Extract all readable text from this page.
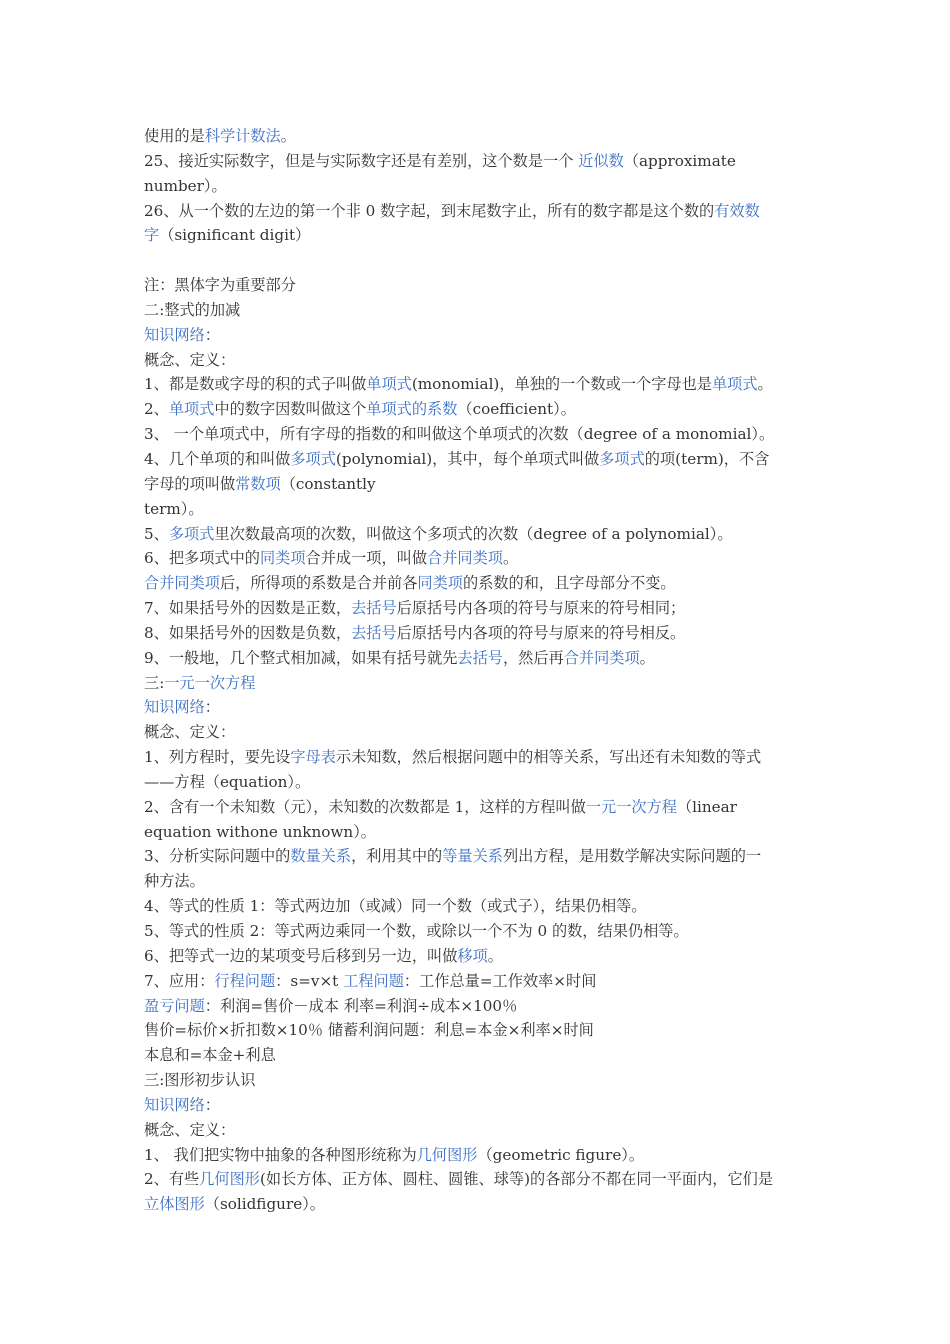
使用的是科学计数法。
25、接近实际数字，但是与实际数字还是有差别，这个数是一个 近似数（approximate
number）。
26、从一个数的左边的第一个非 0 数字起，到末尾数字止，所有的数字都是这个数的有效数
字（significant digit）
注：黑体字为重要部分
二:整式的加减
知识网络：
概念、定义：
1、都是数或字母的积的式子叫做单项式(monomial)，单独的一个数或一个字母也是单项式。
2、单项式中的数字因数叫做这个单项式的系数（coefficient）。
3、 一个单项式中，所有字母的指数的和叫做这个单项式的次数（degree of a monomial）。
4、几个单项的和叫做多项式(polynomial)，其中，每个单项式叫做多项式的项(term)，不含
字母的项叫做常数项（constantly
term）。
5、多项式里次数最高项的次数，叫做这个多项式的次数（degree of a polynomial）。
6、把多项式中的同类项合并成一项，叫做合并同类项。
合并同类项后，所得项的系数是合并前各同类项的系数的和，且字母部分不变。
7、如果括号外的因数是正数，去括号后原括号内各项的符号与原来的符号相同；
8、如果括号外的因数是负数，去括号后原括号内各项的符号与原来的符号相反。
9、一般地，几个整式相加减，如果有括号就先去括号，然后再合并同类项。
三:一元一次方程
知识网络：
概念、定义：
1、列方程时，要先设字母表示未知数，然后根据问题中的相等关系，写出还有未知数的等式
——方程（equation）。
2、含有一个未知数（元），未知数的次数都是 1，这样的方程叫做一元一次方程（linear
equation withone unknown）。
3、分析实际问题中的数量关系，利用其中的等量关系列出方程，是用数学解决实际问题的一
种方法。
4、等式的性质 1：等式两边加（或减）同一个数（或式子），结果仍相等。
5、等式的性质 2：等式两边乘同一个数，或除以一个不为 0 的数，结果仍相等。
6、把等式一边的某项变号后移到另一边，叫做移项。
7、应用：行程问题：s=v×t 工程问题：工作总量=工作效率×时间
盈亏问题：利润=售价－成本 利率=利润÷成本×100％
售价=标价×折扣数×10％ 储蓄利润问题：利息=本金×利率×时间
本息和=本金+利息
三:图形初步认识
知识网络：
概念、定义：
1、 我们把实物中抽象的各种图形统称为几何图形（geometric figure）。
2、有些几何图形(如长方体、正方体、圆柱、圆锥、球等)的各部分不都在同一平面内，它们是
立体图形（solidfigure）。
